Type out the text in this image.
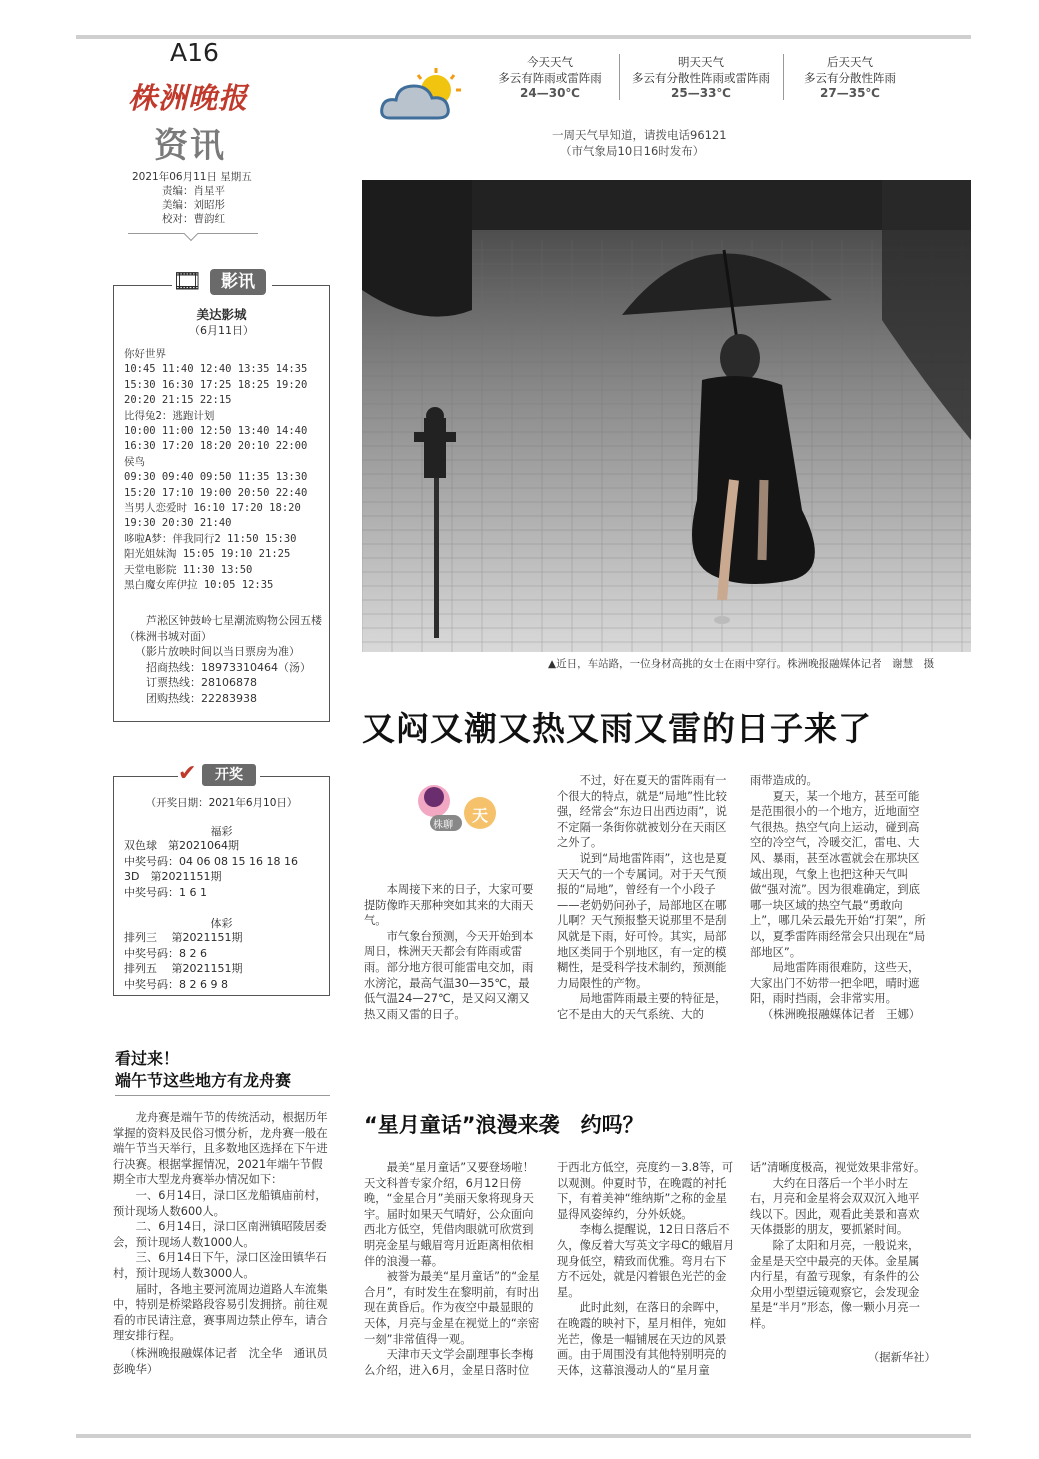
A16
株洲晚报
资讯
2021年06月11日 星期五
责编：肖星平
美编：刘昭彤
校对：曹韵红
今天天气
多云有阵雨或雷阵雨
24—30℃
明天天气
多云有分散性阵雨或雷阵雨
25—33℃
后天天气
多云有分散性阵雨
27—35℃
一周天气早知道，请拨电话96121
（市气象局10日16时发布）
🎞	影讯
美达影城
（6月11日）
你好世界
10:45 11:40 12:40 13:35 14:35
15:30 16:30 17:25 18:25 19:20
20:20 21:15 22:15
比得兔2：逃跑计划
10:00 11:00 12:50 13:40 14:40
16:30 17:20 18:20 20:10 22:00
侯鸟
09:30 09:40 09:50 11:35 13:30
15:20 17:10 19:00 20:50 22:40
当男人恋爱时 16:10 17:20 18:20
19:30 20:30 21:40
哆啦A梦：伴我同行2 11:50 15:30
阳光姐妹淘 15:05 19:10 21:25
天堂电影院 11:30 13:50
黑白魔女库伊拉 10:05 12:35
芦淞区钟鼓岭七星潮流购物公园五楼（株洲书城对面）
（影片放映时间以当日票房为准）
招商热线：18973310464（汤）
订票热线：28106878
团购热线：22283938
✔	开奖
（开奖日期：2021年6月10日）
福彩
双色球　第2021064期
中奖号码：04 06 08 15 16 18 16
3D　第2021151期
中奖号码：1 6 1
体彩
排列三　 第2021151期
中奖号码：8 2 6
排列五　 第2021151期
中奖号码：8 2 6 9 8
▲近日，车站路，一位身材高挑的女士在雨中穿行。株洲晚报融媒体记者　谢慧　摄
又闷又潮又热又雨又雷的日子来了
株聊
天气

本周接下来的日子，大家可要提防像昨天那种突如其来的大雨天气。

市气象台预测，今天开始到本周日，株洲天天都会有阵雨或雷雨。部分地方很可能雷电交加，雨水滂沱，最高气温30—35℃，最低气温24—27℃，是又闷又潮又热又雨又雷的日子。

不过，好在夏天的雷阵雨有一个很大的特点，就是“局地”性比较强，经常会“东边日出西边雨”，说不定隔一条街你就被划分在天雨区之外了。

说到“局地雷阵雨”，这也是夏天天气的一个专属词。对于天气预报的“局地”，曾经有一个小段子——老奶奶问孙子，局部地区在哪儿啊？天气预报整天说那里不是刮风就是下雨，好可怜。其实，局部地区类同于个别地区，有一定的模糊性，是受科学技术制约，预测能力局限性的产物。

局地雷阵雨最主要的特征是，它不是由大的天气系统、大的

雨带造成的。

夏天，某一个地方，甚至可能是范围很小的一个地方，近地面空气很热。热空气向上运动，碰到高空的冷空气，冷暖交汇，雷电、大风、暴雨，甚至冰雹就会在那块区域出现，气象上也把这种天气叫做“强对流”。因为很难确定，到底哪一块区域的热空气最“勇敢向上”，哪几朵云最先开始“打架”，所以，夏季雷阵雨经常会只出现在“局部地区”。

局地雷阵雨很难防，这些天，大家出门不妨带一把伞吧，晴时遮阳，雨时挡雨，会非常实用。

（株洲晚报融媒体记者　王娜）
看过来！
端午节这些地方有龙舟赛

龙舟赛是端午节的传统活动，根据历年掌握的资料及民俗习惯分析，龙舟赛一般在端午节当天举行，且多数地区选择在下午进行决赛。根据掌握情况，2021年端午节假期全市大型龙舟赛举办情况如下：

一、6月14日，渌口区龙船镇庙前村，预计现场人数600人。

二、6月14日，渌口区南洲镇昭陵居委会，预计现场人数1000人。

三、6月14日下午，渌口区淦田镇华石村，预计现场人数3000人。

届时，各地主要河流周边道路人车流集中，特别是桥梁路段容易引发拥挤。前往观看的市民请注意，赛事周边禁止停车，请合理安排行程。

（株洲晚报融媒体记者　沈全华　通讯员彭晚华）
“星月童话”浪漫来袭　约吗？

最美“星月童话”又要登场啦！天文科普专家介绍，6月12日傍晚，“金星合月”美丽天象将现身天宇。届时如果天气晴好，公众面向西北方低空，凭借肉眼就可欣赏到明亮金星与蛾眉弯月近距离相依相伴的浪漫一幕。

被誉为最美“星月童话”的“金星合月”，有时发生在黎明前，有时出现在黄昏后。作为夜空中最显眼的天体，月亮与金星在视觉上的“亲密一刻”非常值得一观。

天津市天文学会副理事长李梅么介绍，进入6月，金星日落时位

于西北方低空，亮度约－3.8等，可以观测。仲夏时节，在晚霞的衬托下，有着美神“维纳斯”之称的金星显得风姿绰约，分外妖娆。

李梅么提醒说，12日日落后不久，像反着大写英文字母C的蛾眉月现身低空，精致而优雅。弯月右下方不远处，就是闪着银色光芒的金星。

此时此刻，在落日的余晖中，在晚霞的映衬下，星月相伴，宛如光芒，像是一幅铺展在天边的风景画。由于周围没有其他特别明亮的天体，这幕浪漫动人的“星月童

话”清晰度极高，视觉效果非常好。

大约在日落后一个半小时左右，月亮和金星将会双双沉入地平线以下。因此，观看此美景和喜欢天体摄影的朋友，要抓紧时间。

除了太阳和月亮，一般说来，金星是天空中最亮的天体。金星属内行星，有盈亏现象，有条件的公众用小型望远镜观察它，会发现金星是“半月”形态，像一颗小月亮一样。

（据新华社）
